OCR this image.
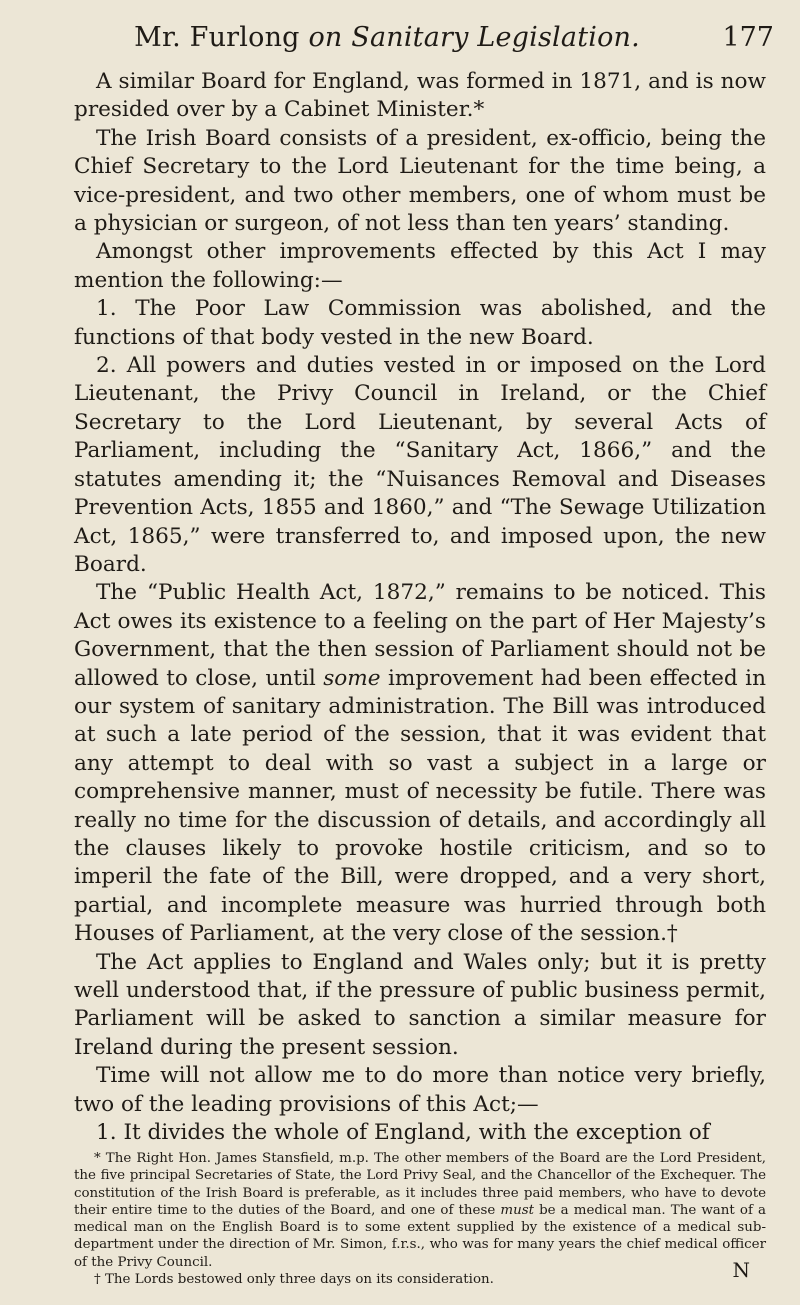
Mr. Furlong on Sanitary Legislation.	177

A similar Board for England, was formed in 1871, and is now presided over by a Cabinet Minister.*

The Irish Board consists of a president, ex-officio, being the Chief Secretary to the Lord Lieutenant for the time being, a vice-president, and two other members, one of whom must be a physician or surgeon, of not less than ten years’ standing.

Amongst other improvements effected by this Act I may mention the following:—

1. The Poor Law Commission was abolished, and the functions of that body vested in the new Board.

2. All powers and duties vested in or imposed on the Lord Lieutenant, the Privy Council in Ireland, or the Chief Secretary to the Lord Lieutenant, by several Acts of Parliament, including the “Sanitary Act, 1866,” and the statutes amending it; the “Nuisances Removal and Diseases Prevention Acts, 1855 and 1860,” and “The Sewage Utilization Act, 1865,” were transferred to, and imposed upon, the new Board.

The “Public Health Act, 1872,” remains to be noticed. This Act owes its existence to a feeling on the part of Her Majesty’s Government, that the then session of Parliament should not be allowed to close, until some improvement had been effected in our system of sanitary administration. The Bill was introduced at such a late period of the session, that it was evident that any attempt to deal with so vast a subject in a large or comprehensive manner, must of necessity be futile. There was really no time for the discussion of details, and accordingly all the clauses likely to provoke hostile criticism, and so to imperil the fate of the Bill, were dropped, and a very short, partial, and incomplete measure was hurried through both Houses of Parliament, at the very close of the session.†

The Act applies to England and Wales only; but it is pretty well understood that, if the pressure of public business permit, Parliament will be asked to sanction a similar measure for Ireland during the present session.

Time will not allow me to do more than notice very briefly, two of the leading provisions of this Act;—

1. It divides the whole of England, with the exception of

* The Right Hon. James Stansfield, m.p. The other members of the Board are the Lord President, the five principal Secretaries of State, the Lord Privy Seal, and the Chancellor of the Exchequer. The constitution of the Irish Board is preferable, as it includes three paid members, who have to devote their entire time to the duties of the Board, and one of these must be a medical man. The want of a medical man on the English Board is to some extent supplied by the existence of a medical sub-department under the direction of Mr. Simon, f.r.s., who was for many years the chief medical officer of the Privy Council.

† The Lords bestowed only three days on its consideration.	N
